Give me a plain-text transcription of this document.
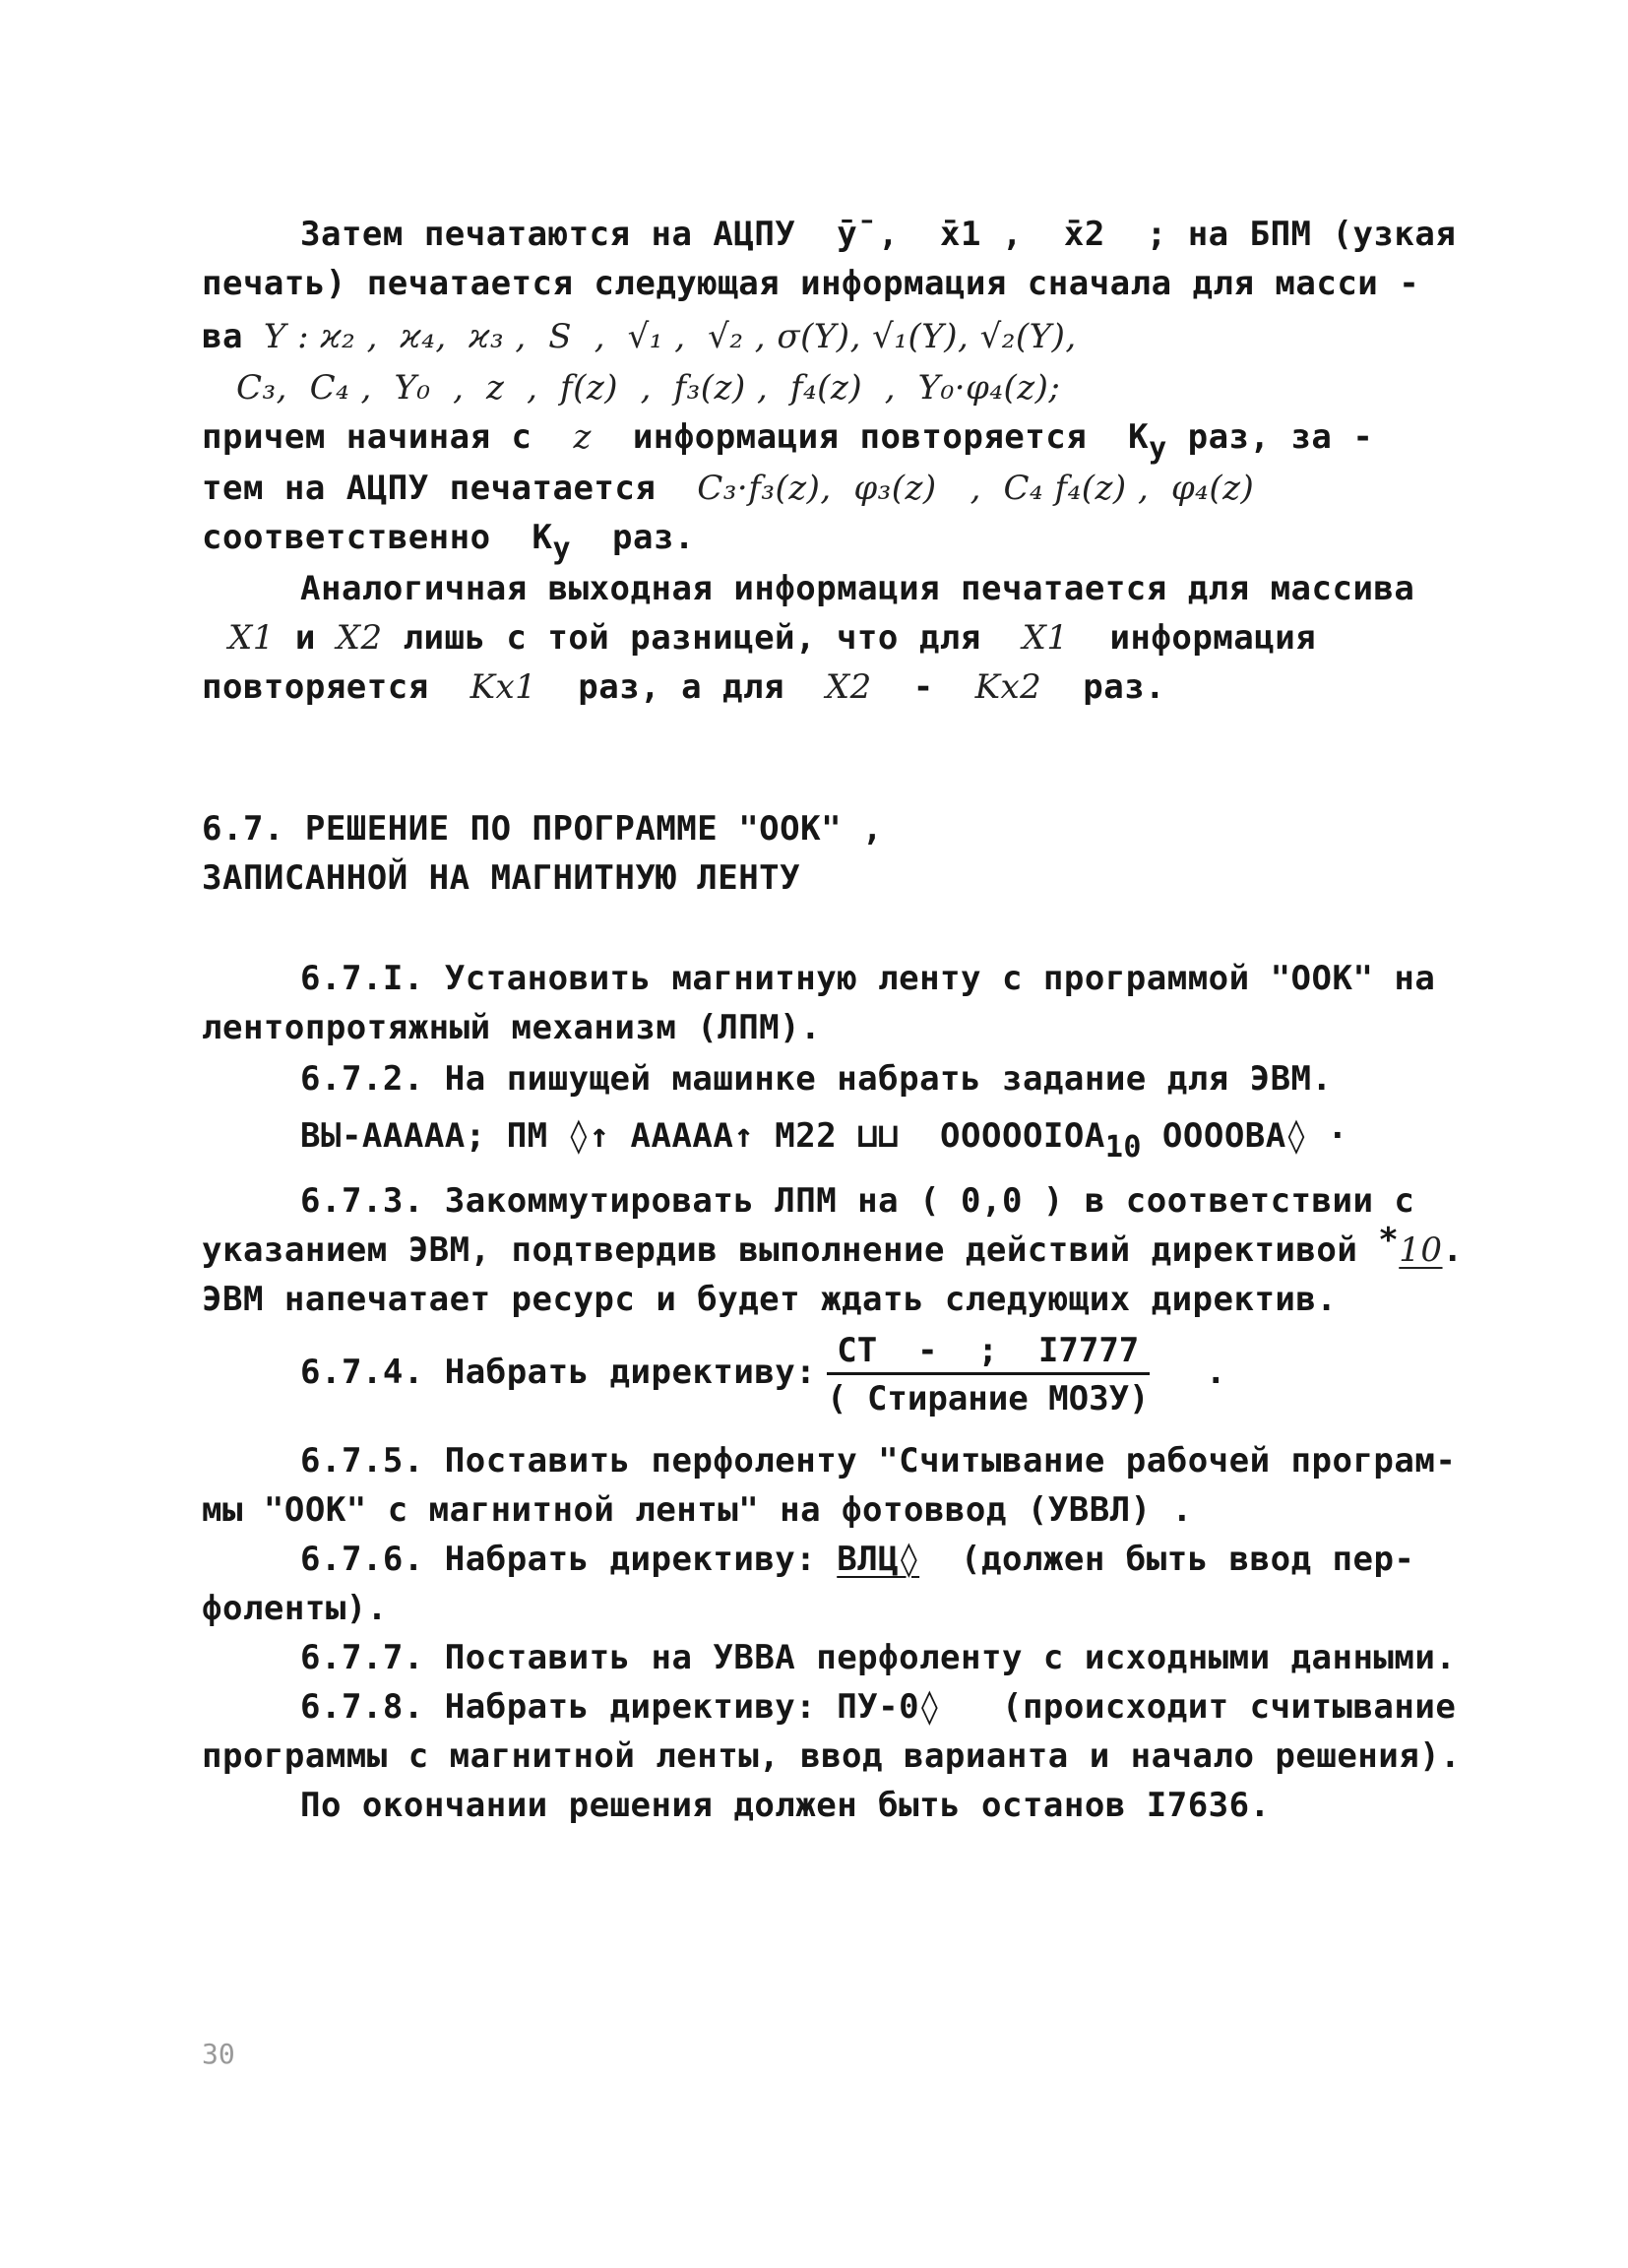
Затем печатаются на АЦПУ  ȳ̄ ,  x̄̄1 ,  x̄̄2  ; на БПМ (узкая
печать) печатается следующая информация сначала для масси -
ва Y : ϰ₂ ,  ϰ₄,  ϰ₃ ,  S  ,  √₁ ,  √₂ , σ(Y), √₁(Y), √₂(Y),
C₃,  C₄ ,  Y₀  ,  z  ,  f(z)  ,  f₃(z) ,  f₄(z)  ,  Y₀·φ₄(z);
причем начиная с  z  информация повторяется  Ку раз, за -
тем на АЦПУ печатается  C₃·f₃(z),  φ₃(z)   ,  C₄ f₄(z) ,  φ₄(z)
соответственно  Ку  раз.
Аналогичная выходная информация печатается для массива
X1 и X2 лишь с той разницей, что для  X1  информация
повторяется  Kx1  раз, а для  X2  -  Kx2  раз.
6.7. РЕШЕНИЕ ПО ПРОГРАММЕ "ООК" ,
ЗАПИСАННОЙ НА МАГНИТНУЮ ЛЕНТУ
6.7.I. Установить магнитную ленту с программой "ООК" на
лентопротяжный механизм (ЛПМ).
6.7.2. На пишущей машинке набрать задание для ЭВМ.
ВЫ-АААAA; ПМ ◊↑ АААAA↑ М22 ⊔⊔  OOOOOIOA10 OOOOBA◊ ·
6.7.3. Закоммутировать ЛПМ на ( 0,0 ) в соответствии с
указанием ЭВМ, подтвердив выполнение действий директивой *10.
ЭВМ напечатает ресурс и будет ждать следующих директив.
6.7.4. Набрать директиву:
СТ  -  ;  I7777
( Стирание МОЗУ)
.
6.7.5. Поставить перфоленту "Считывание рабочей програм-
мы "ООК" с магнитной ленты" на фотоввод (УВВЛ) .
6.7.6. Набрать директиву: ВЛЦ◊  (должен быть ввод пер-
фоленты).
6.7.7. Поставить на УВВА перфоленту с исходными данными.
6.7.8. Набрать директиву: ПУ-0◊   (происходит считывание
программы с магнитной ленты, ввод варианта и начало решения).
По окончании решения должен быть останов I7636.
30
